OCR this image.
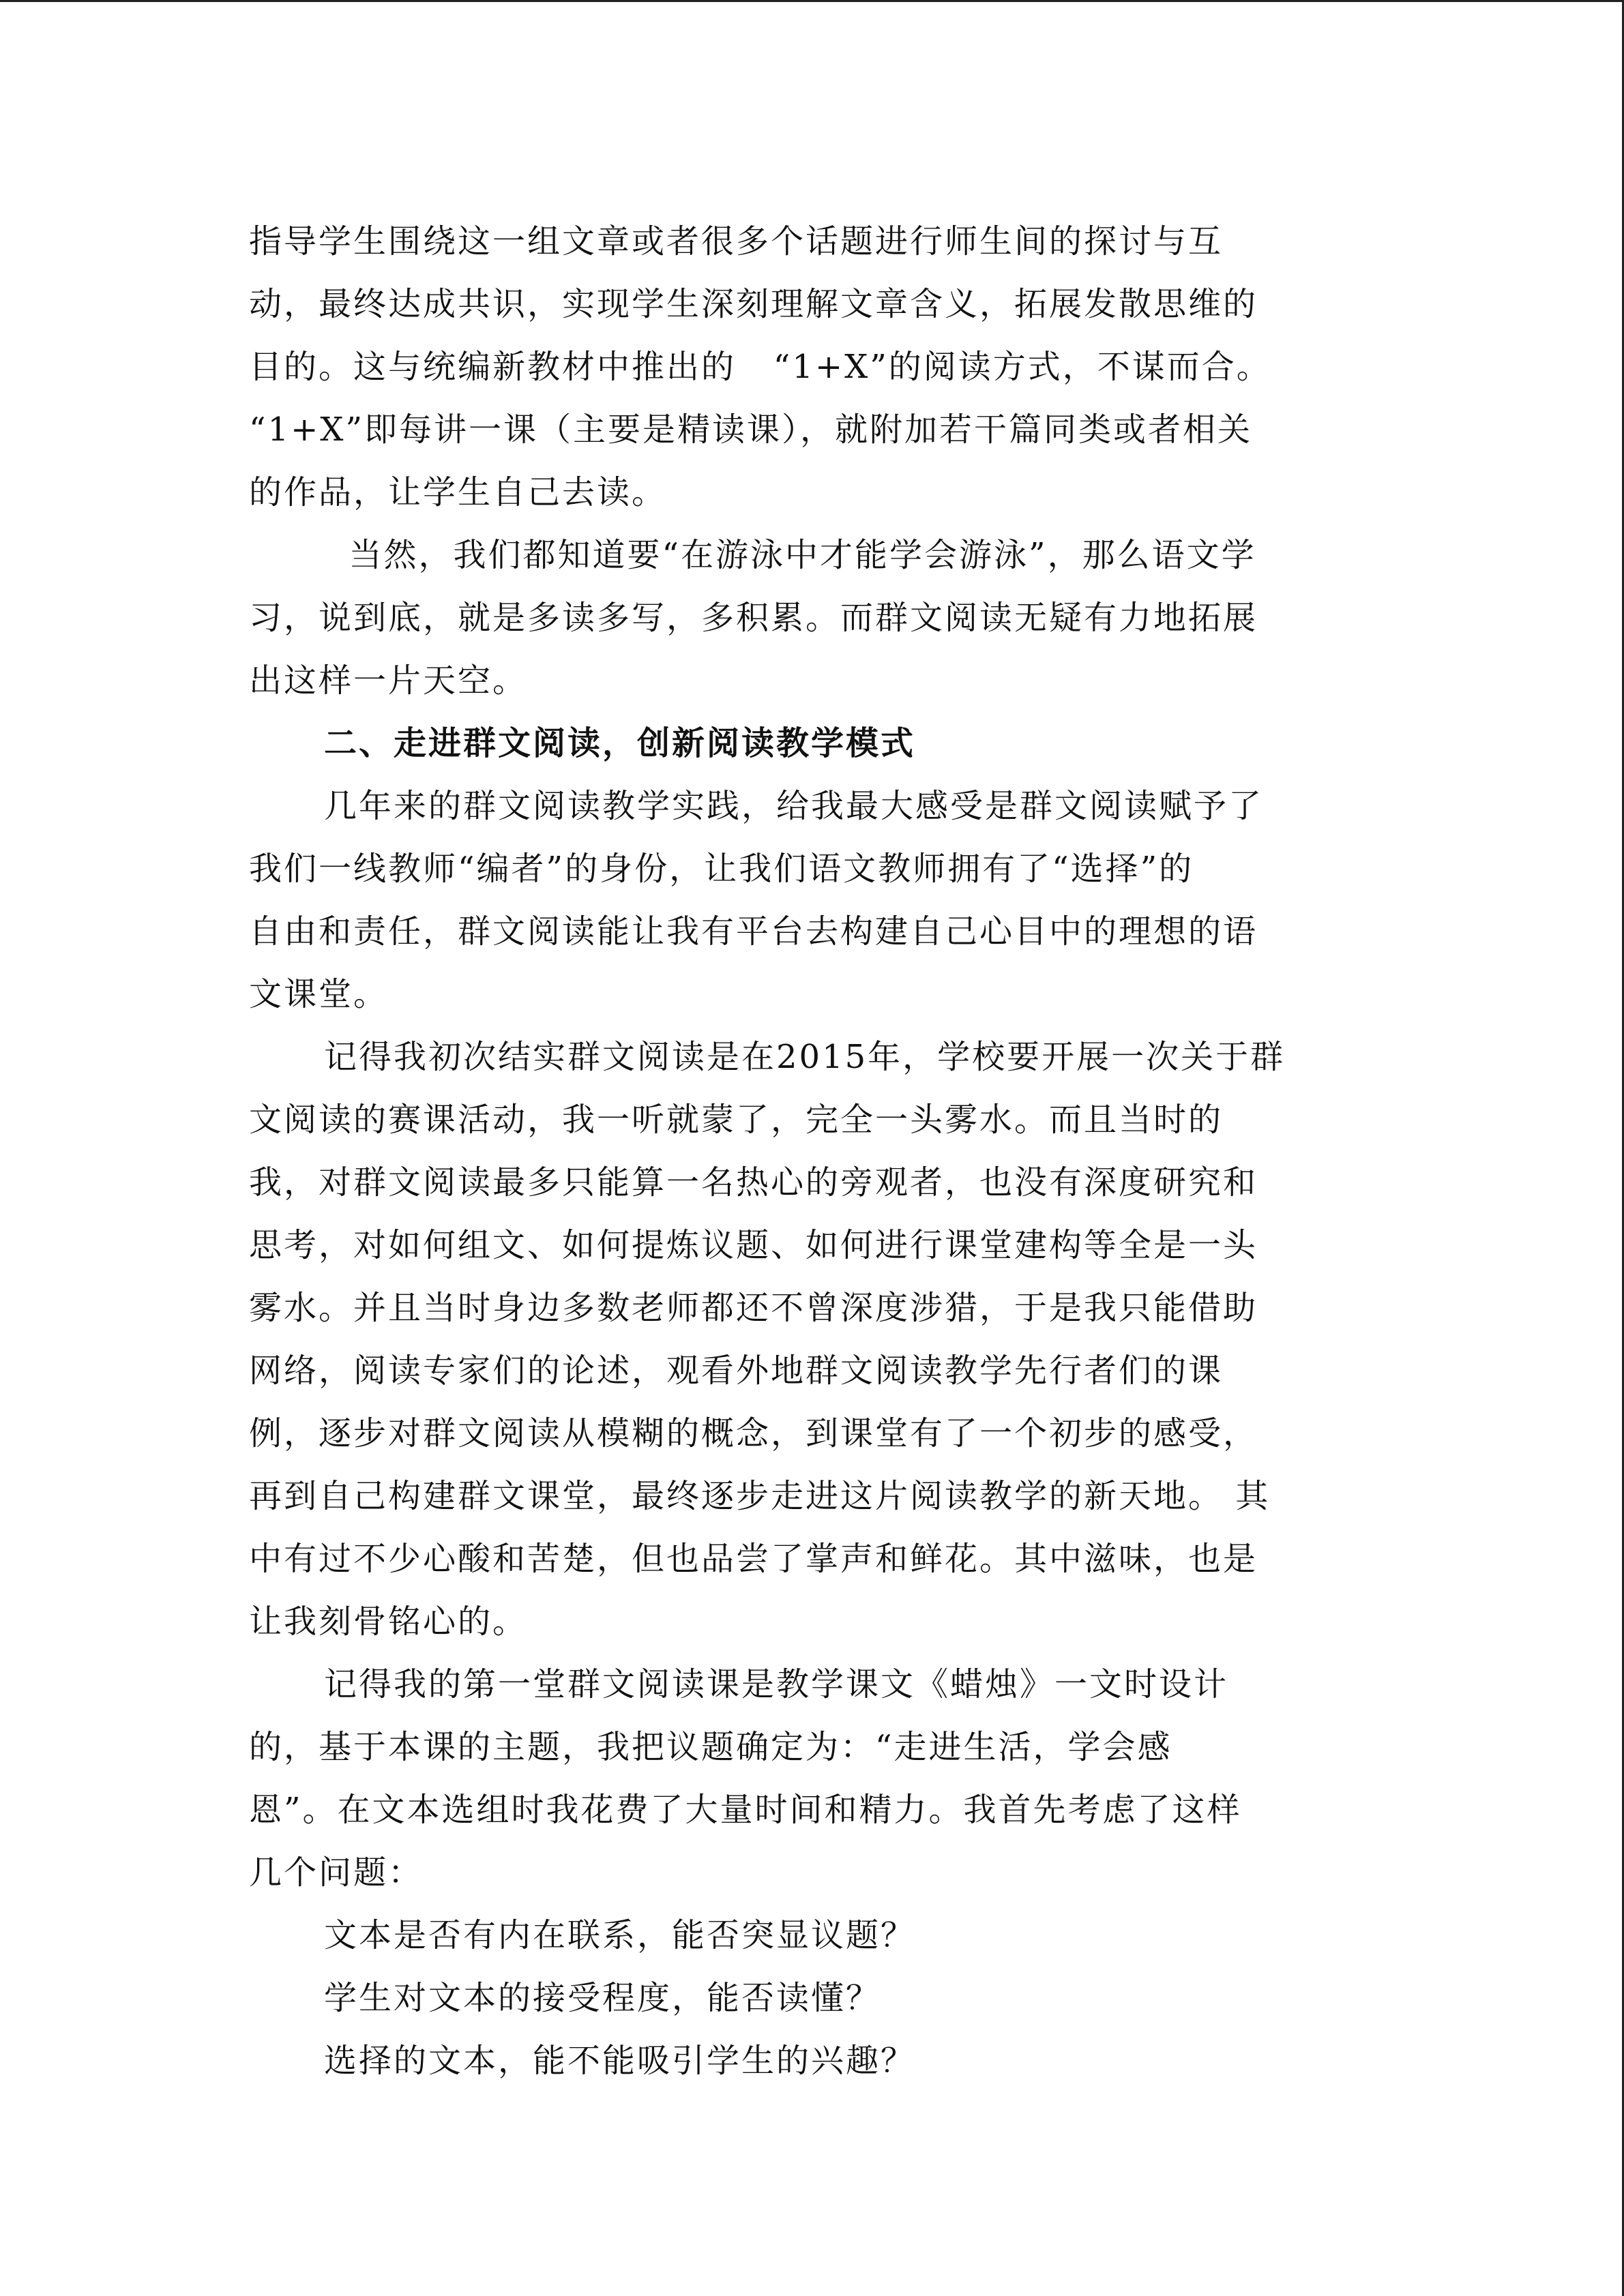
指导学生围绕这一组文章或者很多个话题进行师生间的探讨与互
动，最终达成共识，实现学生深刻理解文章含义，拓展发散思维的
目的。这与统编新教材中推出的   “1+X”的阅读方式，不谋而合。
“1+X”即每讲一课（主要是精读课），就附加若干篇同类或者相关
的作品，让学生自己去读。
当然，我们都知道要“在游泳中才能学会游泳”，那么语文学
习，说到底，就是多读多写，多积累。而群文阅读无疑有力地拓展
出这样一片天空。
二、走进群文阅读，创新阅读教学模式
几年来的群文阅读教学实践，给我最大感受是群文阅读赋予了
我们一线教师“编者”的身份，让我们语文教师拥有了“选择”的
自由和责任，群文阅读能让我有平台去构建自己心目中的理想的语
文课堂。
记得我初次结实群文阅读是在2015年，学校要开展一次关于群
文阅读的赛课活动，我一听就蒙了，完全一头雾水。而且当时的
我，对群文阅读最多只能算一名热心的旁观者，也没有深度研究和
思考，对如何组文、如何提炼议题、如何进行课堂建构等全是一头
雾水。并且当时身边多数老师都还不曾深度涉猎，于是我只能借助
网络，阅读专家们的论述，观看外地群文阅读教学先行者们的课
例，逐步对群文阅读从模糊的概念，到课堂有了一个初步的感受，
再到自己构建群文课堂，最终逐步走进这片阅读教学的新天地。 其
中有过不少心酸和苦楚，但也品尝了掌声和鲜花。其中滋味，也是
让我刻骨铭心的。
记得我的第一堂群文阅读课是教学课文《蜡烛》一文时设计
的，基于本课的主题，我把议题确定为：“走进生活，学会感
恩”。在文本选组时我花费了大量时间和精力。我首先考虑了这样
几个问题：
文本是否有内在联系，能否突显议题？
学生对文本的接受程度，能否读懂？
选择的文本，能不能吸引学生的兴趣？
